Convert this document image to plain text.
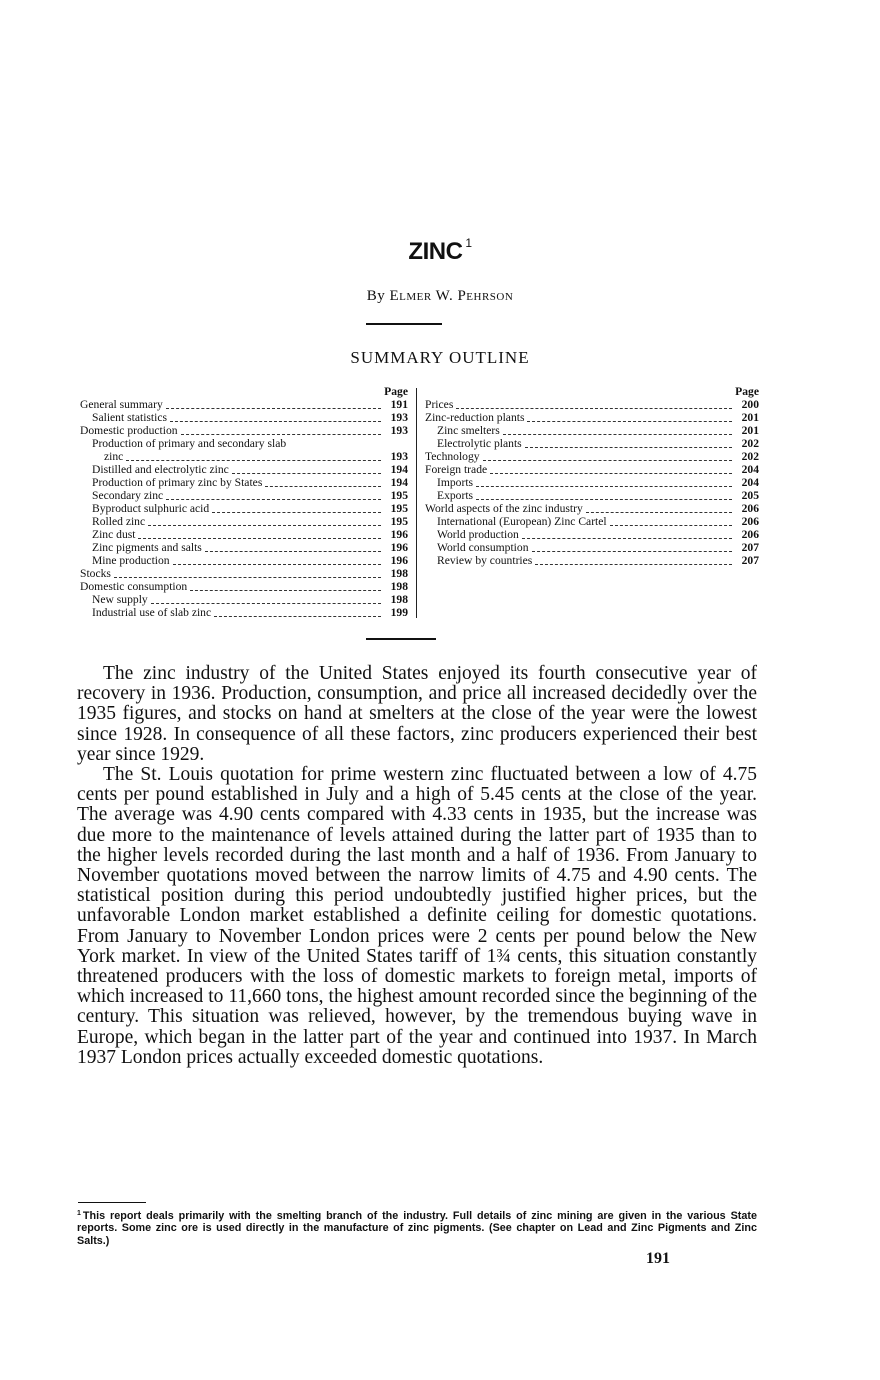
ZINC $^1$
By Elmer W. Pehrson
SUMMARY OUTLINE
Page
General summary	191
Salient statistics	193
Domestic production	193
Production of primary and secondary slab
zinc	193
Distilled and electrolytic zinc	194
Production of primary zinc by States	194
Secondary zinc	195
Byproduct sulphuric acid	195
Rolled zinc	195
Zinc dust	196
Zinc pigments and salts	196
Mine production	196
Stocks	198
Domestic consumption	198
New supply	198
Industrial use of slab zinc	199
Page
Prices	200
Zinc-reduction plants	201
Zinc smelters	201
Electrolytic plants	202
Technology	202
Foreign trade	204
Imports	204
Exports	205
World aspects of the zinc industry	206
International (European) Zinc Cartel	206
World production	206
World consumption	207
Review by countries	207

The zinc industry of the United States enjoyed its fourth consecutive year of recovery in 1936. Production, consumption, and price all increased decidedly over the 1935 figures, and stocks on hand at smelters at the close of the year were the lowest since 1928. In consequence of all these factors, zinc producers experienced their best year since 1929.

The St. Louis quotation for prime western zinc fluctuated between a low of 4.75 cents per pound established in July and a high of 5.45 cents at the close of the year. The average was 4.90 cents compared with 4.33 cents in 1935, but the increase was due more to the maintenance of levels attained during the latter part of 1935 than to the higher levels recorded during the last month and a half of 1936. From January to November quotations moved between the narrow limits of 4.75 and 4.90 cents. The statistical position during this period undoubtedly justified higher prices, but the unfavorable London market established a definite ceiling for domestic quotations. From January to November London prices were 2 cents per pound below the New York market. In view of the United States tariff of 1¾ cents, this situation constantly threatened producers with the loss of domestic markets to foreign metal, imports of which increased to 11,660 tons, the highest amount recorded since the beginning of the century. This situation was relieved, however, by the tremendous buying wave in Europe, which began in the latter part of the year and continued into 1937. In March 1937 London prices actually exceeded domestic quotations.

$^1$ This report deals primarily with the smelting branch of the industry. Full details of zinc mining are given in the various State reports. Some zinc ore is used directly in the manufacture of zinc pigments. (See chapter on Lead and Zinc Pigments and Zinc Salts.)
191
